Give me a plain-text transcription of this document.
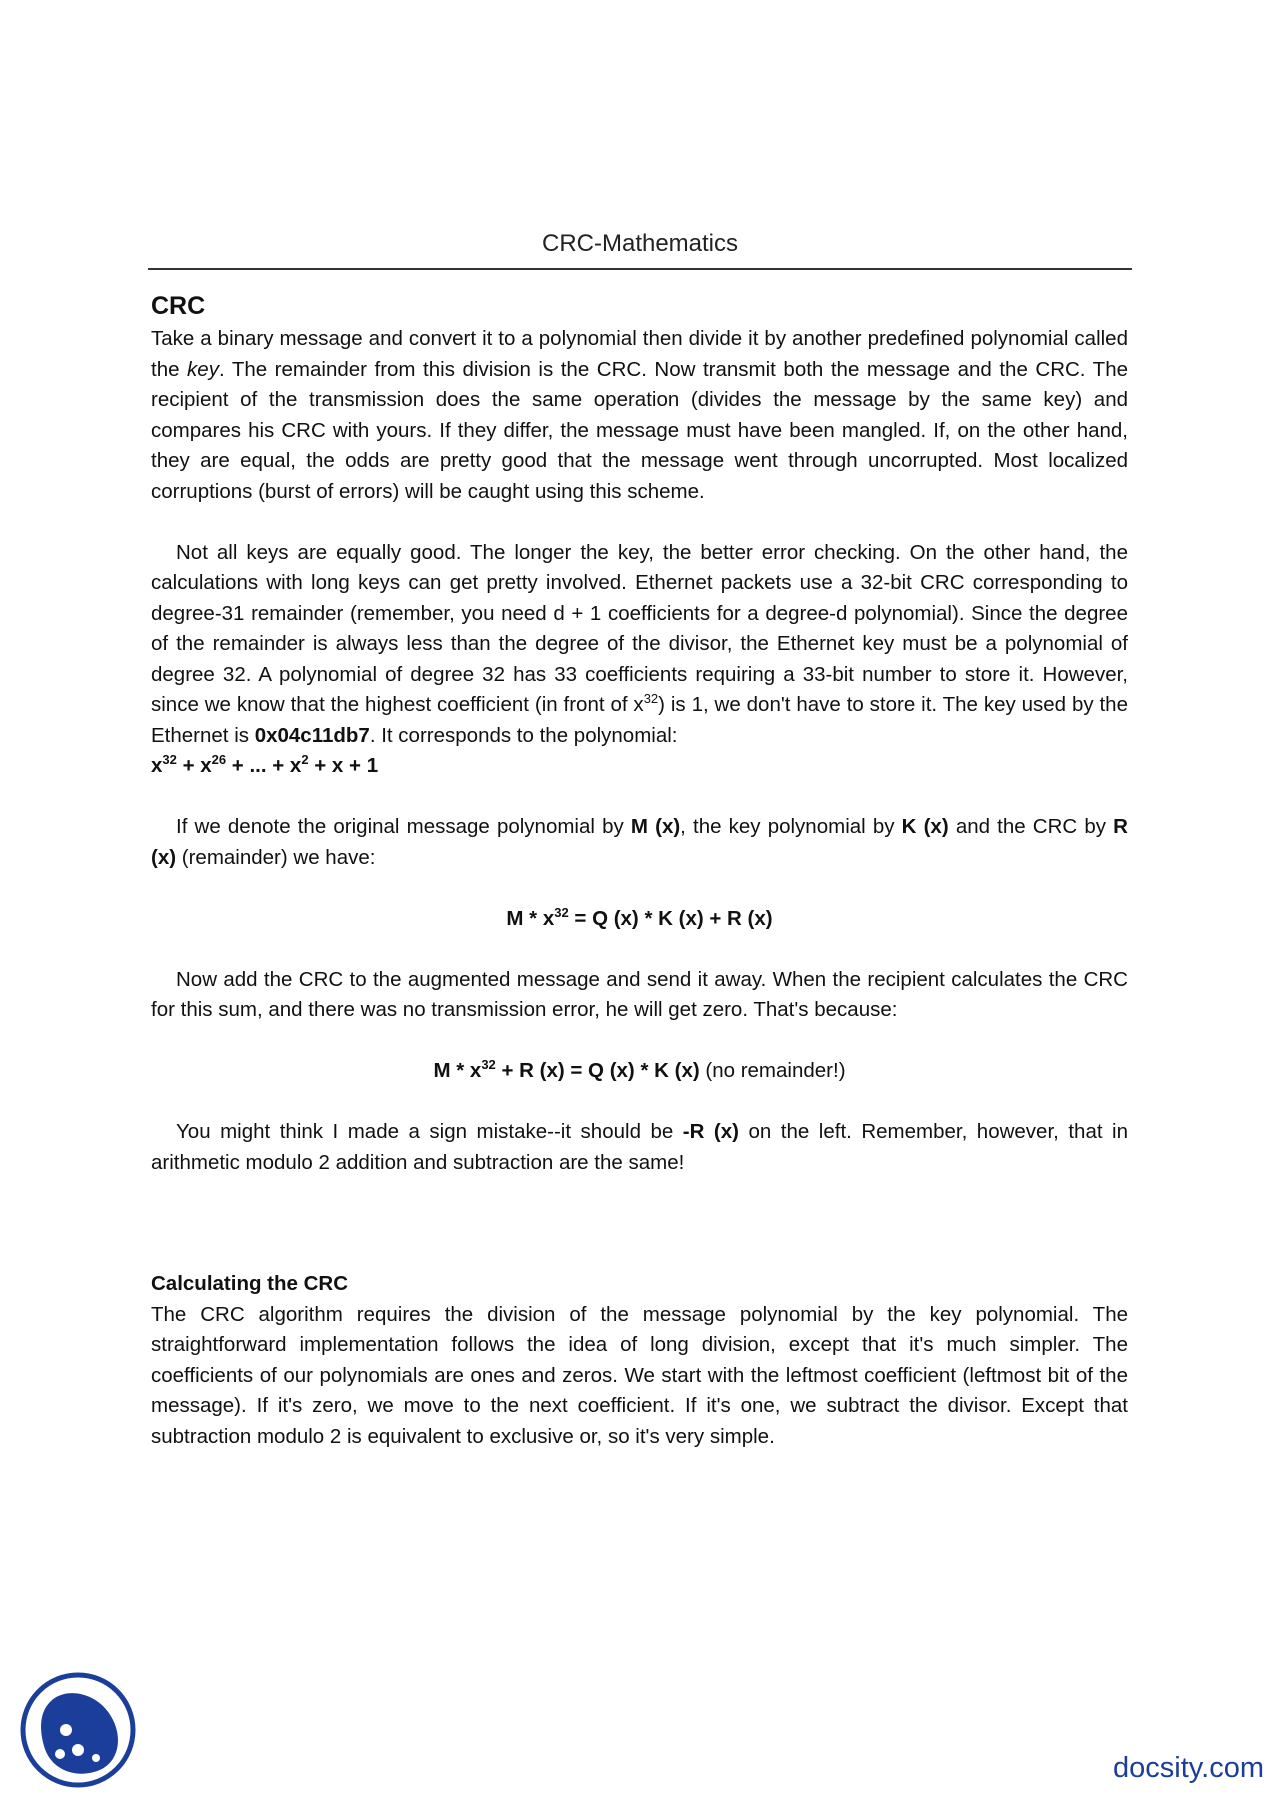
CRC-Mathematics
CRC

Take a binary message and convert it to a polynomial then divide it by another predefined polynomial called the key. The remainder from this division is the CRC. Now transmit both the message and the CRC. The recipient of the transmission does the same operation (divides the message by the same key) and compares his CRC with yours. If they differ, the message must have been mangled. If, on the other hand, they are equal, the odds are pretty good that the message went through uncorrupted. Most localized corruptions (burst of errors) will be caught using this scheme.

Not all keys are equally good. The longer the key, the better error checking. On the other hand, the calculations with long keys can get pretty involved. Ethernet packets use a 32-bit CRC corresponding to degree-31 remainder (remember, you need d + 1 coefficients for a degree-d polynomial). Since the degree of the remainder is always less than the degree of the divisor, the Ethernet key must be a polynomial of degree 32. A polynomial of degree 32 has 33 coefficients requiring a 33-bit number to store it. However, since we know that the highest coefficient (in front of $x^{32}$) is 1, we don't have to store it. The key used by the Ethernet is 0x04c11db7. It corresponds to the polynomial:

$x^{32} + x^{26}$ + ... + $x^2 + x + 1$

If we denote the original message polynomial by M (x), the key polynomial by K (x) and the CRC by R (x) (remainder) we have:

$M * x^{32} = Q$ (x) * K (x) + R (x)

Now add the CRC to the augmented message and send it away. When the recipient calculates the CRC for this sum, and there was no transmission error, he will get zero. That's because:

$M * x^{32} + R$ (x) = Q (x) * K (x) (no remainder!)

You might think I made a sign mistake--it should be -R (x) on the left. Remember, however, that in arithmetic modulo 2 addition and subtraction are the same!

Calculating the CRC

The CRC algorithm requires the division of the message polynomial by the key polynomial. The straightforward implementation follows the idea of long division, except that it's much simpler. The coefficients of our polynomials are ones and zeros. We start with the leftmost coefficient (leftmost bit of the message). If it's zero, we move to the next coefficient. If it's one, we subtract the divisor. Except that subtraction modulo 2 is equivalent to exclusive or, so it's very simple.

docsity.com
